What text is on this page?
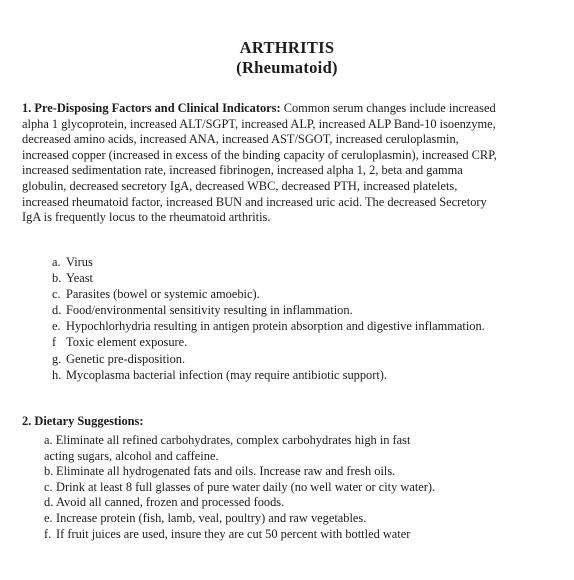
ARTHRITIS
(Rheumatoid)

1. Pre-Disposing Factors and Clinical Indicators: Common serum changes include increased
alpha 1 glycoprotein, increased ALT/SGPT, increased ALP, increased ALP Band-10 isoenzyme,
decreased amino acids, increased ANA, increased AST/SGOT, increased ceruloplasmin,
increased copper (increased in excess of the binding capacity of ceruloplasmin), increased CRP,
increased sedimentation rate, increased fibrinogen, increased alpha 1, 2, beta and gamma
globulin, decreased secretory IgA, decreased WBC, decreased PTH, increased platelets,
increased rheumatoid factor, increased BUN and increased uric acid. The decreased Secretory
IgA is frequently locus to the rheumatoid arthritis.

a. Virus
b. Yeast
c. Parasites (bowel or systemic amoebic).
d. Food/environmental sensitivity resulting in inflammation.
e. Hypochlorhydria resulting in antigen protein absorption and digestive inflammation.
f Toxic element exposure.
g. Genetic pre-disposition.
h. Mycoplasma bacterial infection (may require antibiotic support).
2. Dietary Suggestions:
a. Eliminate all refined carbohydrates, complex carbohydrates high in fast
acting sugars, alcohol and caffeine.
b. Eliminate all hydrogenated fats and oils. Increase raw and fresh oils.
c. Drink at least 8 full glasses of pure water daily (no well water or city water).
d. Avoid all canned, frozen and processed foods.
e. Increase protein (fish, lamb, veal, poultry) and raw vegetables.
f. If fruit juices are used, insure they are cut 50 percent with bottled water
